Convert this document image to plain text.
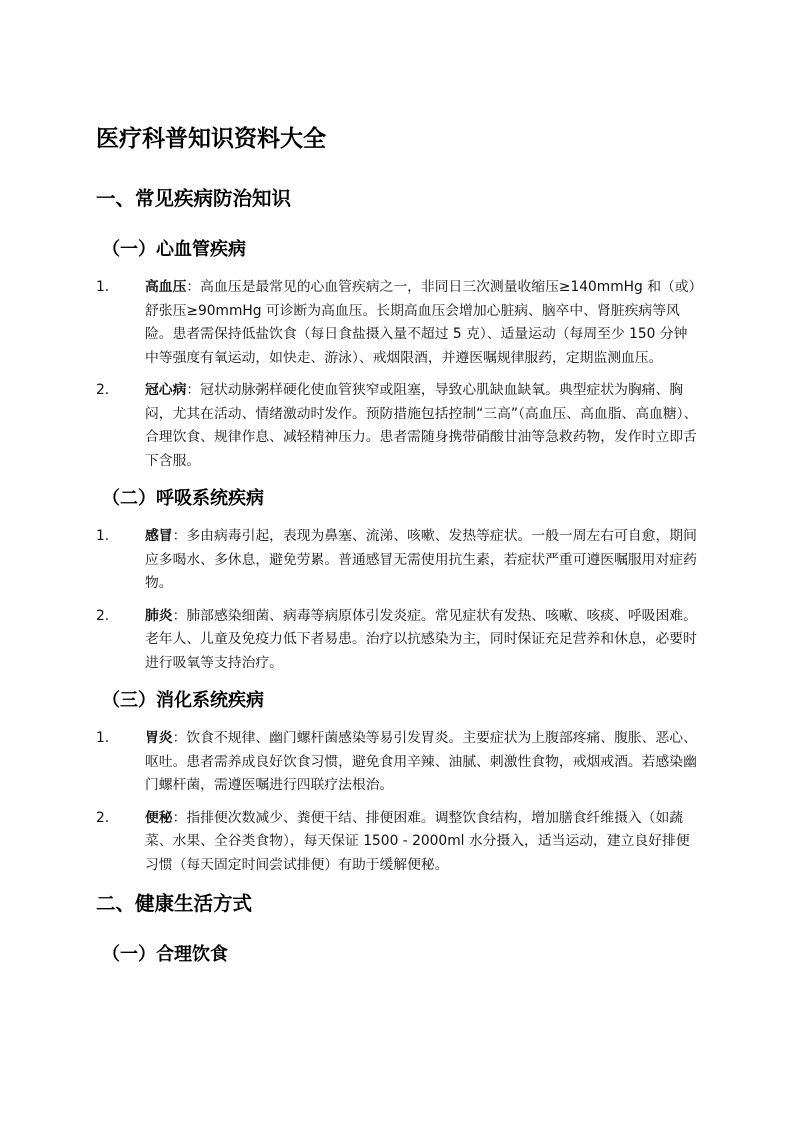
医疗科普知识资料大全
一、常见疾病防治知识
（一）心血管疾病
1.	高血压：高血压是最常见的心血管疾病之一，非同日三次测量收缩压≥140mmHg 和（或）舒张压≥90mmHg 可诊断为高血压。长期高血压会增加心脏病、脑卒中、肾脏疾病等风险。患者需保持低盐饮食（每日食盐摄入量不超过 5 克）、适量运动（每周至少 150 分钟中等强度有氧运动，如快走、游泳）、戒烟限酒，并遵医嘱规律服药，定期监测血压。
2.	冠心病：冠状动脉粥样硬化使血管狭窄或阻塞，导致心肌缺血缺氧。典型症状为胸痛、胸闷，尤其在活动、情绪激动时发作。预防措施包括控制“三高”（高血压、高血脂、高血糖）、合理饮食、规律作息、减轻精神压力。患者需随身携带硝酸甘油等急救药物，发作时立即舌下含服。
（二）呼吸系统疾病
1.	感冒：多由病毒引起，表现为鼻塞、流涕、咳嗽、发热等症状。一般一周左右可自愈，期间应多喝水、多休息，避免劳累。普通感冒无需使用抗生素，若症状严重可遵医嘱服用对症药物。
2.	肺炎：肺部感染细菌、病毒等病原体引发炎症。常见症状有发热、咳嗽、咳痰、呼吸困难。老年人、儿童及免疫力低下者易患。治疗以抗感染为主，同时保证充足营养和休息，必要时进行吸氧等支持治疗。
（三）消化系统疾病
1.	胃炎：饮食不规律、幽门螺杆菌感染等易引发胃炎。主要症状为上腹部疼痛、腹胀、恶心、呕吐。患者需养成良好饮食习惯，避免食用辛辣、油腻、刺激性食物，戒烟戒酒。若感染幽门螺杆菌，需遵医嘱进行四联疗法根治。
2.	便秘：指排便次数减少、粪便干结、排便困难。调整饮食结构，增加膳食纤维摄入（如蔬菜、水果、全谷类食物），每天保证 1500 - 2000ml 水分摄入，适当运动，建立良好排便习惯（每天固定时间尝试排便）有助于缓解便秘。
二、健康生活方式
（一）合理饮食
